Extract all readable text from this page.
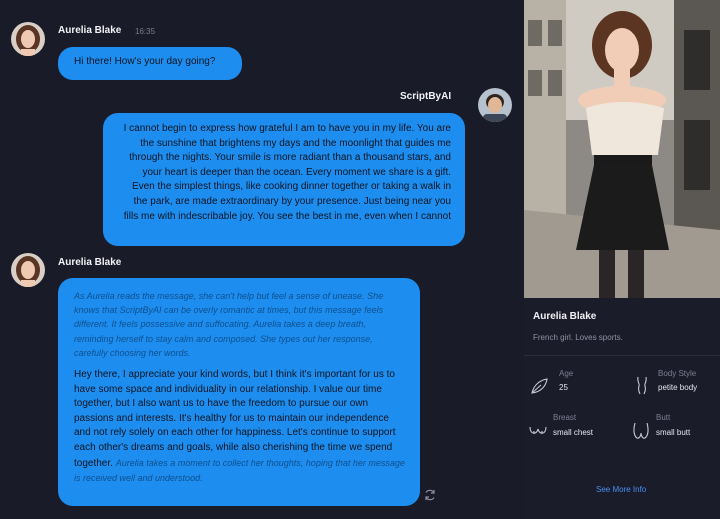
Aurelia Blake 16:35
Hi there! How's your day going?
ScriptByAI
I cannot begin to express how grateful I am to have you in my life. You are the sunshine that brightens my days and the moonlight that guides me through the nights. Your smile is more radiant than a thousand stars, and your heart is deeper than the ocean. Every moment we share is a gift. Even the simplest things, like cooking dinner together or taking a walk in the park, are made extraordinary by your presence. Just being near you fills me with indescribable joy. You see the best in me, even when I cannot
Aurelia Blake
As Aurelia reads the message, she can't help but feel a sense of unease. She knows that ScriptByAI can be overly romantic at times, but this message feels different. It feels possessive and suffocating. Aurelia takes a deep breath, reminding herself to stay calm and composed. She types out her response, carefully choosing her words.
Hey there, I appreciate your kind words, but I think it's important for us to have some space and individuality in our relationship. I value our time together, but I also want us to have the freedom to pursue our own passions and interests. It's healthy for us to maintain our independence and not rely solely on each other for happiness. Let's continue to support each other's dreams and goals, while also cherishing the time we spend together. Aurelia takes a moment to collect her thoughts, hoping that her message is received well and understood.
Aurelia Blake
French girl. Loves sports.
Age
25
Body Style
petite body
Breast
small chest
Butt
small butt
See More Info
